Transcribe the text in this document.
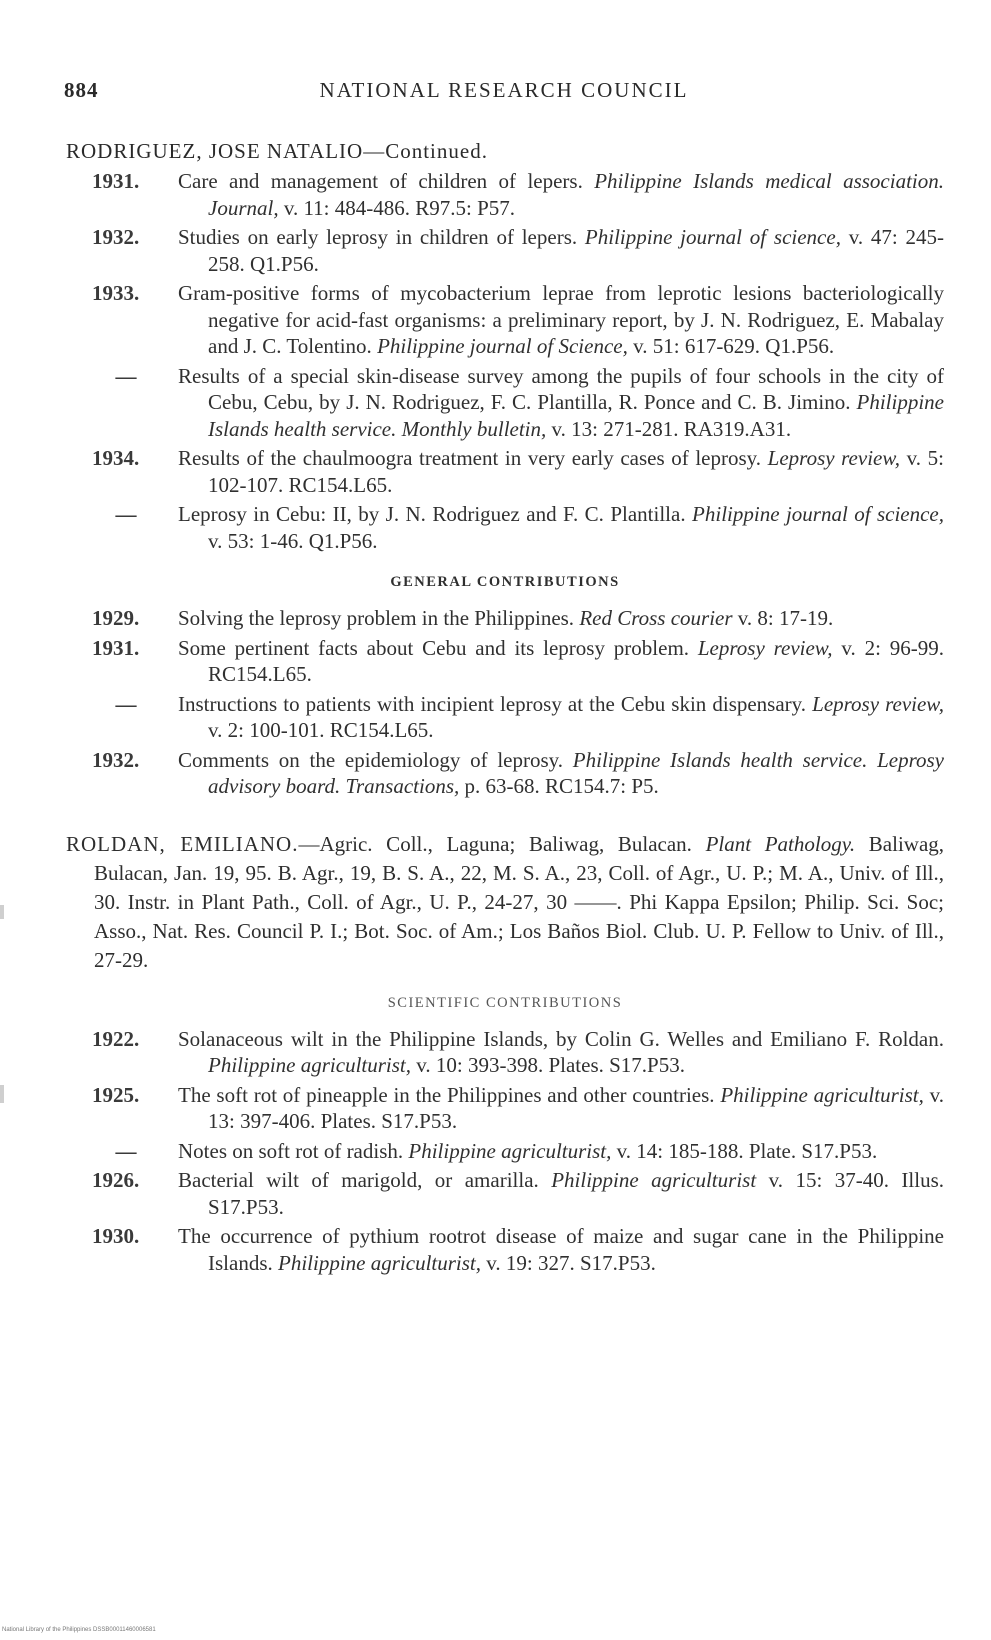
884	NATIONAL RESEARCH COUNCIL
RODRIGUEZ, JOSE NATALIO—Continued.
1931.	Care and management of children of lepers. Philippine Islands medical association. Journal, v. 11: 484-486. R97.5: P57.
1932.	Studies on early leprosy in children of lepers. Philippine journal of science, v. 47: 245-258. Q1.P56.
1933.	Gram-positive forms of mycobacterium leprae from leprotic lesions bacteriologically negative for acid-fast organisms: a preliminary report, by J. N. Rodriguez, E. Mabalay and J. C. Tolentino. Philippine journal of Science, v. 51: 617-629. Q1.P56.
—	Results of a special skin-disease survey among the pupils of four schools in the city of Cebu, Cebu, by J. N. Rodriguez, F. C. Plantilla, R. Ponce and C. B. Jimino. Philippine Islands health service. Monthly bulletin, v. 13: 271-281. RA319.A31.
1934.	Results of the chaulmoogra treatment in very early cases of leprosy. Leprosy review, v. 5: 102-107. RC154.L65.
—	Leprosy in Cebu: II, by J. N. Rodriguez and F. C. Plantilla. Philippine journal of science, v. 53: 1-46. Q1.P56.
GENERAL CONTRIBUTIONS
1929.	Solving the leprosy problem in the Philippines. Red Cross courier v. 8: 17-19.
1931.	Some pertinent facts about Cebu and its leprosy problem. Leprosy review, v. 2: 96-99. RC154.L65.
—	Instructions to patients with incipient leprosy at the Cebu skin dispensary. Leprosy review, v. 2: 100-101. RC154.L65.
1932.	Comments on the epidemiology of leprosy. Philippine Islands health service. Leprosy advisory board. Transactions, p. 63-68. RC154.7: P5.
ROLDAN, EMILIANO.—Agric. Coll., Laguna; Baliwag, Bulacan. Plant Pathology. Baliwag, Bulacan, Jan. 19, 95. B. Agr., 19, B. S. A., 22, M. S. A., 23, Coll. of Agr., U. P.; M. A., Univ. of Ill., 30. Instr. in Plant Path., Coll. of Agr., U. P., 24-27, 30 ——. Phi Kappa Epsilon; Philip. Sci. Soc; Asso., Nat. Res. Council P. I.; Bot. Soc. of Am.; Los Baños Biol. Club. U. P. Fellow to Univ. of Ill., 27-29.
SCIENTIFIC CONTRIBUTIONS
1922.	Solanaceous wilt in the Philippine Islands, by Colin G. Welles and Emiliano F. Roldan. Philippine agriculturist, v. 10: 393-398. Plates. S17.P53.
1925.	The soft rot of pineapple in the Philippines and other countries. Philippine agriculturist, v. 13: 397-406. Plates. S17.P53.
—	Notes on soft rot of radish. Philippine agriculturist, v. 14: 185-188. Plate. S17.P53.
1926.	Bacterial wilt of marigold, or amarilla. Philippine agriculturist v. 15: 37-40. Illus. S17.P53.
1930.	The occurrence of pythium rootrot disease of maize and sugar cane in the Philippine Islands. Philippine agriculturist, v. 19: 327. S17.P53.
National Library of the Philippines DSSB00011460006581
